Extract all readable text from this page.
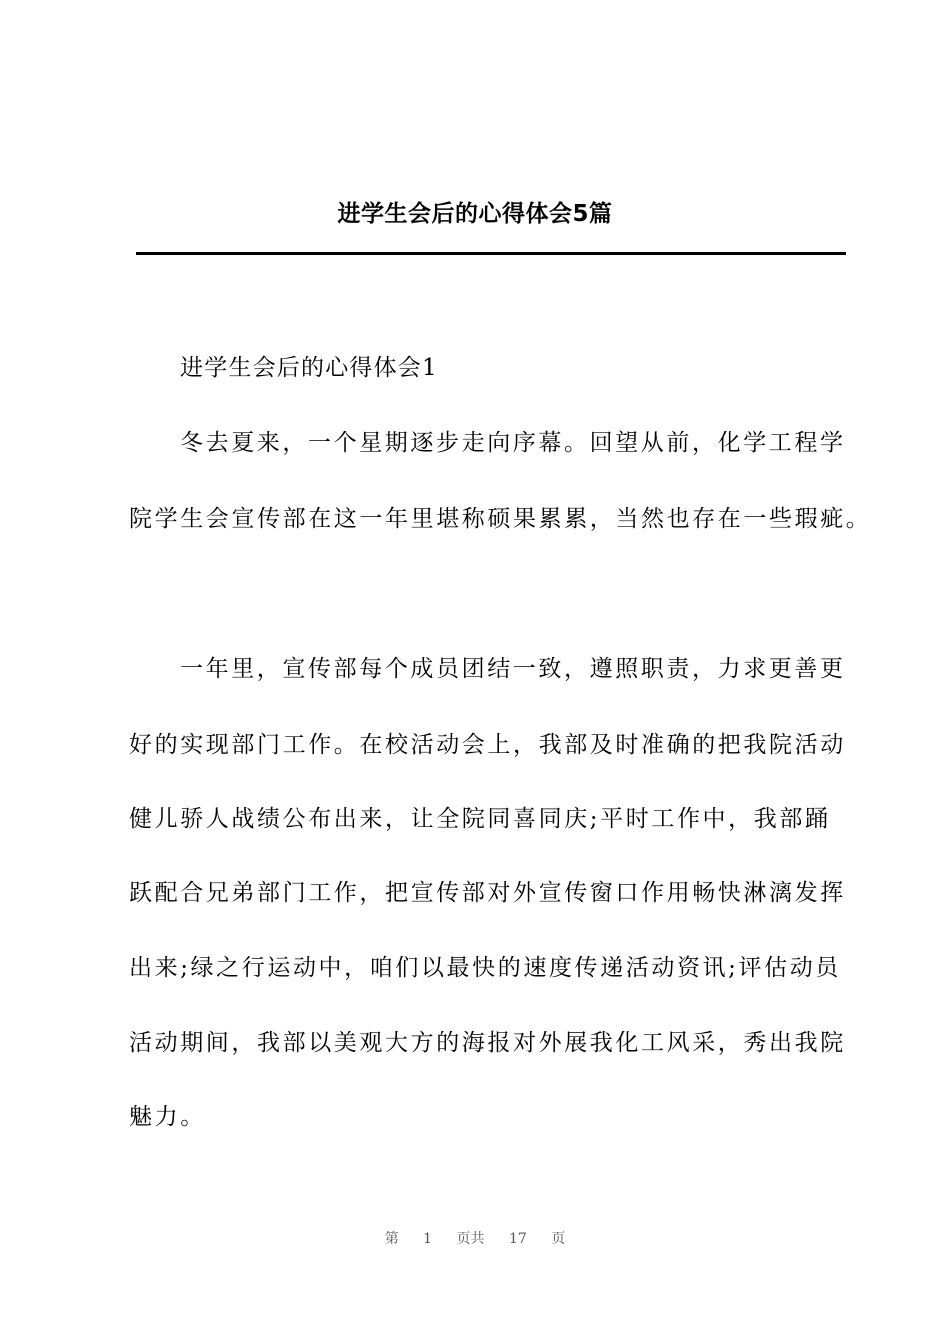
进学生会后的心得体会5篇
进学生会后的心得体会1
冬去夏来，一个星期逐步走向序幕。回望从前，化学工程学
院学生会宣传部在这一年里堪称硕果累累，当然也存在一些瑕疵。
一年里，宣传部每个成员团结一致，遵照职责，力求更善更
好的实现部门工作。在校活动会上，我部及时准确的把我院活动
健儿骄人战绩公布出来，让全院同喜同庆;平时工作中，我部踊
跃配合兄弟部门工作，把宣传部对外宣传窗口作用畅快淋漓发挥
出来;绿之行运动中，咱们以最快的速度传递活动资讯;评估动员
活动期间，我部以美观大方的海报对外展我化工风采，秀出我院
魅力。
第 1 页共 17 页
